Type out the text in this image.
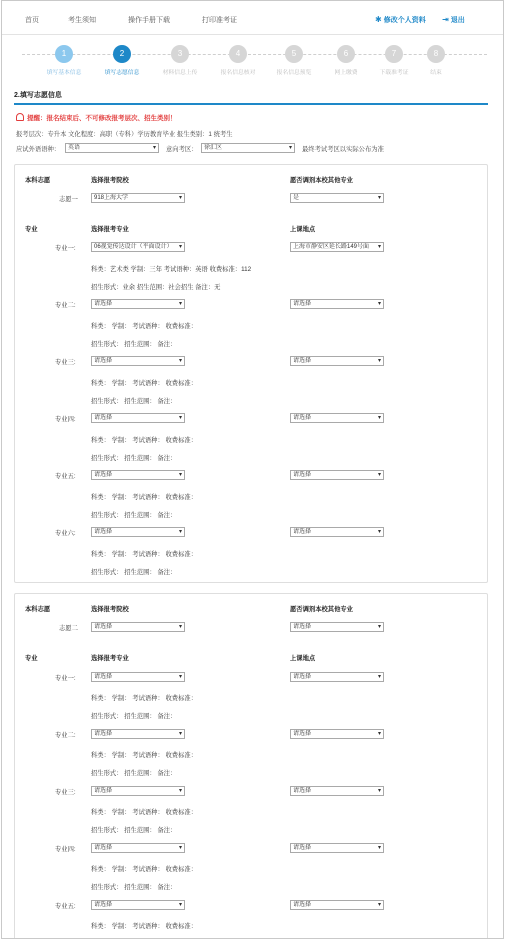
首页	考生须知	操作手册下载	打印准考证	✱ 修改个人资料 ⇥ 退出
1
填写基本信息
2
填写志愿信息
3
材料信息上传
4
报名信息核对
5
报名信息预览
6
网上缴费
7
下载准考证
8
结束
2.填写志愿信息
提醒：报名结束后、不可修改报考层次、招生类别！
报考层次：专升本 文化程度：高职（专科）学历教育毕业 报生类别：1 统考生
应试外语语种：	英语 ▾	意向考区：	徐汇区 ▾	最终考试考区以实际公布为准
本科志愿	选择报考院校	愿否调剂本校其他专业
志愿一	918上海大学 ▾	是 ▾
专业	选择报考专业	上课地点
专业一:	06视觉传达设计（平面设计） ▾	上海市静安区延长路149号面 ▾
科类：艺术类 学制：三年 考试语种：英语 收费标准：112
招生形式：业余 招生范围：社会招生 备注：无
专业二:	请选择 ▾	请选择 ▾
科类： 学制： 考试语种： 收费标准：
招生形式： 招生范围： 备注：
专业三:	请选择 ▾	请选择 ▾
科类： 学制： 考试语种： 收费标准：
招生形式： 招生范围： 备注：
专业四:	请选择 ▾	请选择 ▾
科类： 学制： 考试语种： 收费标准：
招生形式： 招生范围： 备注：
专业五:	请选择 ▾	请选择 ▾
科类： 学制： 考试语种： 收费标准：
招生形式： 招生范围： 备注：
专业六:	请选择 ▾	请选择 ▾
科类： 学制： 考试语种： 收费标准：
招生形式： 招生范围： 备注：
本科志愿	选择报考院校	愿否调剂本校其他专业
志愿二	请选择 ▾	请选择 ▾
专业	选择报考专业	上课地点
专业一:	请选择 ▾	请选择 ▾
科类： 学制： 考试语种： 收费标准：
招生形式： 招生范围： 备注：
专业二:	请选择 ▾	请选择 ▾
科类： 学制： 考试语种： 收费标准：
招生形式： 招生范围： 备注：
专业三:	请选择 ▾	请选择 ▾
科类： 学制： 考试语种： 收费标准：
招生形式： 招生范围： 备注：
专业四:	请选择 ▾	请选择 ▾
科类： 学制： 考试语种： 收费标准：
招生形式： 招生范围： 备注：
专业五:	请选择 ▾	请选择 ▾
科类： 学制： 考试语种： 收费标准：
